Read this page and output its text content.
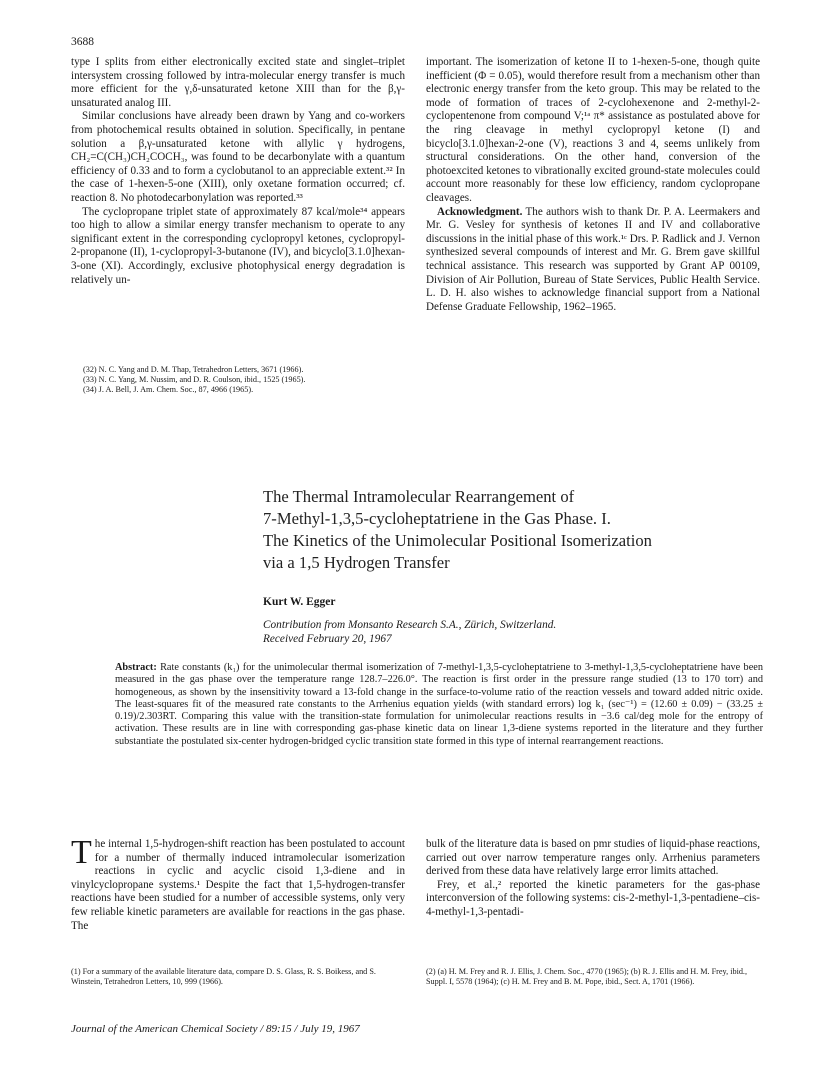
3688

type I splits from either electronically excited state and singlet–triplet intersystem crossing followed by intra-molecular energy transfer is much more efficient for the γ,δ-unsaturated ketone XIII than for the β,γ-unsaturated analog III.

Similar conclusions have already been drawn by Yang and co-workers from photochemical results obtained in solution. Specifically, in pentane solution a β,γ-unsaturated ketone with allylic γ hydrogens, CH₂=C(CH₃)CH₂COCH₃, was found to be decarbonylate with a quantum efficiency of 0.33 and to form a cyclobutanol to an appreciable extent.³² In the case of 1-hexen-5-one (XIII), only oxetane formation occurred; cf. reaction 8. No photodecarbonylation was reported.³³

The cyclopropane triplet state of approximately 87 kcal/mole³⁴ appears too high to allow a similar energy transfer mechanism to operate to any significant extent in the corresponding cyclopropyl ketones, cyclopropyl-2-propanone (II), 1-cyclopropyl-3-butanone (IV), and bicyclo[3.1.0]hexan-3-one (XI). Accordingly, exclusive photophysical energy degradation is relatively un-

(32) N. C. Yang and D. M. Thap, Tetrahedron Letters, 3671 (1966).
(33) N. C. Yang, M. Nussim, and D. R. Coulson, ibid., 1525 (1965).
(34) J. A. Bell, J. Am. Chem. Soc., 87, 4966 (1965).

important. The isomerization of ketone II to 1-hexen-5-one, though quite inefficient (Φ = 0.05), would therefore result from a mechanism other than electronic energy transfer from the keto group. This may be related to the mode of formation of traces of 2-cyclohexenone and 2-methyl-2-cyclopentenone from compound V;¹ᵃ π* assistance as postulated above for the ring cleavage in methyl cyclopropyl ketone (I) and bicyclo[3.1.0]hexan-2-one (V), reactions 3 and 4, seems unlikely from structural considerations. On the other hand, conversion of the photoexcited ketones to vibrationally excited ground-state molecules could account more reasonably for these low efficiency, random cyclopropane cleavages.

Acknowledgment. The authors wish to thank Dr. P. A. Leermakers and Mr. G. Vesley for synthesis of ketones II and IV and collaborative discussions in the initial phase of this work.¹ᶜ Drs. P. Radlick and J. Vernon synthesized several compounds of interest and Mr. G. Brem gave skillful technical assistance. This research was supported by Grant AP 00109, Division of Air Pollution, Bureau of State Services, Public Health Service. L. D. H. also wishes to acknowledge financial support from a National Defense Graduate Fellowship, 1962–1965.

The Thermal Intramolecular Rearrangement of
7-Methyl-1,3,5-cycloheptatriene in the Gas Phase. I.
The Kinetics of the Unimolecular Positional Isomerization
via a 1,5 Hydrogen Transfer
Kurt W. Egger
Contribution from Monsanto Research S.A., Zürich, Switzerland.
Received February 20, 1967
Abstract: Rate constants (k₁) for the unimolecular thermal isomerization of 7-methyl-1,3,5-cycloheptatriene to 3-methyl-1,3,5-cycloheptatriene have been measured in the gas phase over the temperature range 128.7–226.0°. The reaction is first order in the pressure range studied (13 to 170 torr) and homogeneous, as shown by the insensitivity toward a 13-fold change in the surface-to-volume ratio of the reaction vessels and toward added nitric oxide. The least-squares fit of the measured rate constants to the Arrhenius equation yields (with standard errors) log k₁ (sec⁻¹) = (12.60 ± 0.09) − (33.25 ± 0.19)/2.303RT. Comparing this value with the transition-state formulation for unimolecular reactions results in −3.6 cal/deg mole for the entropy of activation. These results are in line with corresponding gas-phase kinetic data on linear 1,3-diene systems reported in the literature and they further substantiate the postulated six-center hydrogen-bridged cyclic transition state formed in this type of internal rearrangement reactions.

The internal 1,5-hydrogen-shift reaction has been postulated to account for a number of thermally induced intramolecular isomerization reactions in cyclic and acyclic cisoid 1,3-diene and in vinylcyclopropane systems.¹ Despite the fact that 1,5-hydrogen-transfer reactions have been studied for a number of accessible systems, only very few reliable kinetic parameters are available for reactions in the gas phase. The

bulk of the literature data is based on pmr studies of liquid-phase reactions, carried out over narrow temperature ranges only. Arrhenius parameters derived from these data have relatively large error limits attached.

Frey, et al.,² reported the kinetic parameters for the gas-phase interconversion of the following systems: cis-2-methyl-1,3-pentadiene–cis-4-methyl-1,3-pentadi-

(1) For a summary of the available literature data, compare D. S. Glass, R. S. Boikess, and S. Winstein, Tetrahedron Letters, 10, 999 (1966).
(2) (a) H. M. Frey and R. J. Ellis, J. Chem. Soc., 4770 (1965); (b) R. J. Ellis and H. M. Frey, ibid., Suppl. I, 5578 (1964); (c) H. M. Frey and B. M. Pope, ibid., Sect. A, 1701 (1966).
Journal of the American Chemical Society / 89:15 / July 19, 1967
